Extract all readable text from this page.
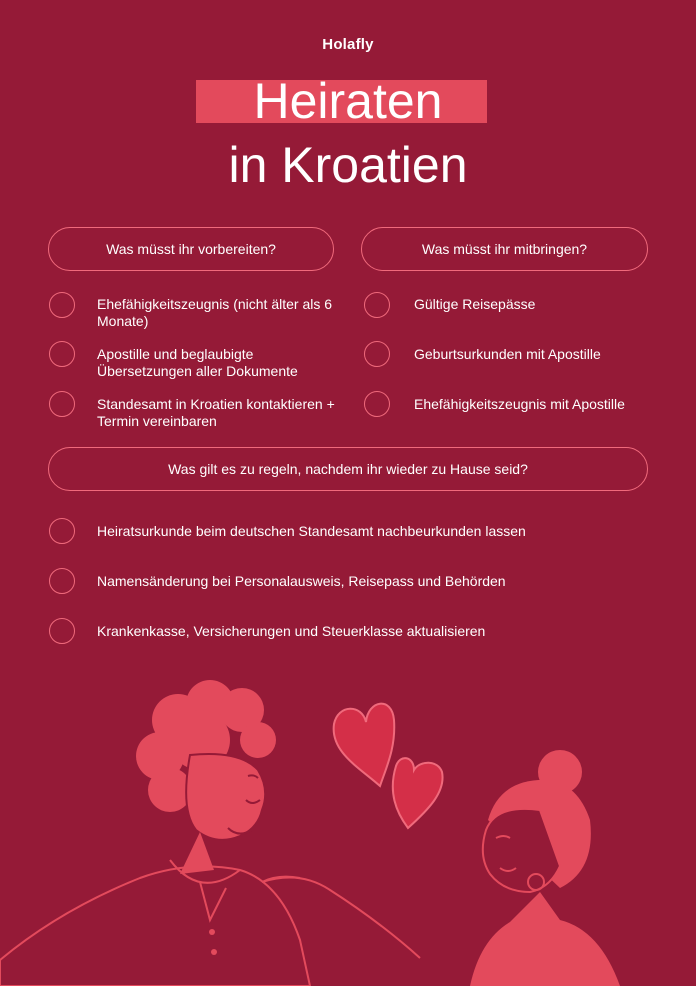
Holafly
Heiraten
in Kroatien
Was müsst ihr vorbereiten?	Was müsst ihr mitbringen?
Ehefähigkeitszeugnis (nicht älter als 6 Monate)
Apostille und beglaubigte Übersetzungen aller Dokumente
Standesamt in Kroatien kontaktieren + Termin vereinbaren
Gültige Reisepässe
Geburtsurkunden mit Apostille
Ehefähigkeitszeugnis mit Apostille
Was gilt es zu regeln, nachdem ihr wieder zu Hause seid?
Heiratsurkunde beim deutschen Standesamt nachbeurkunden lassen
Namensänderung bei Personalausweis, Reisepass und Behörden
Krankenkasse, Versicherungen und Steuerklasse aktualisieren
